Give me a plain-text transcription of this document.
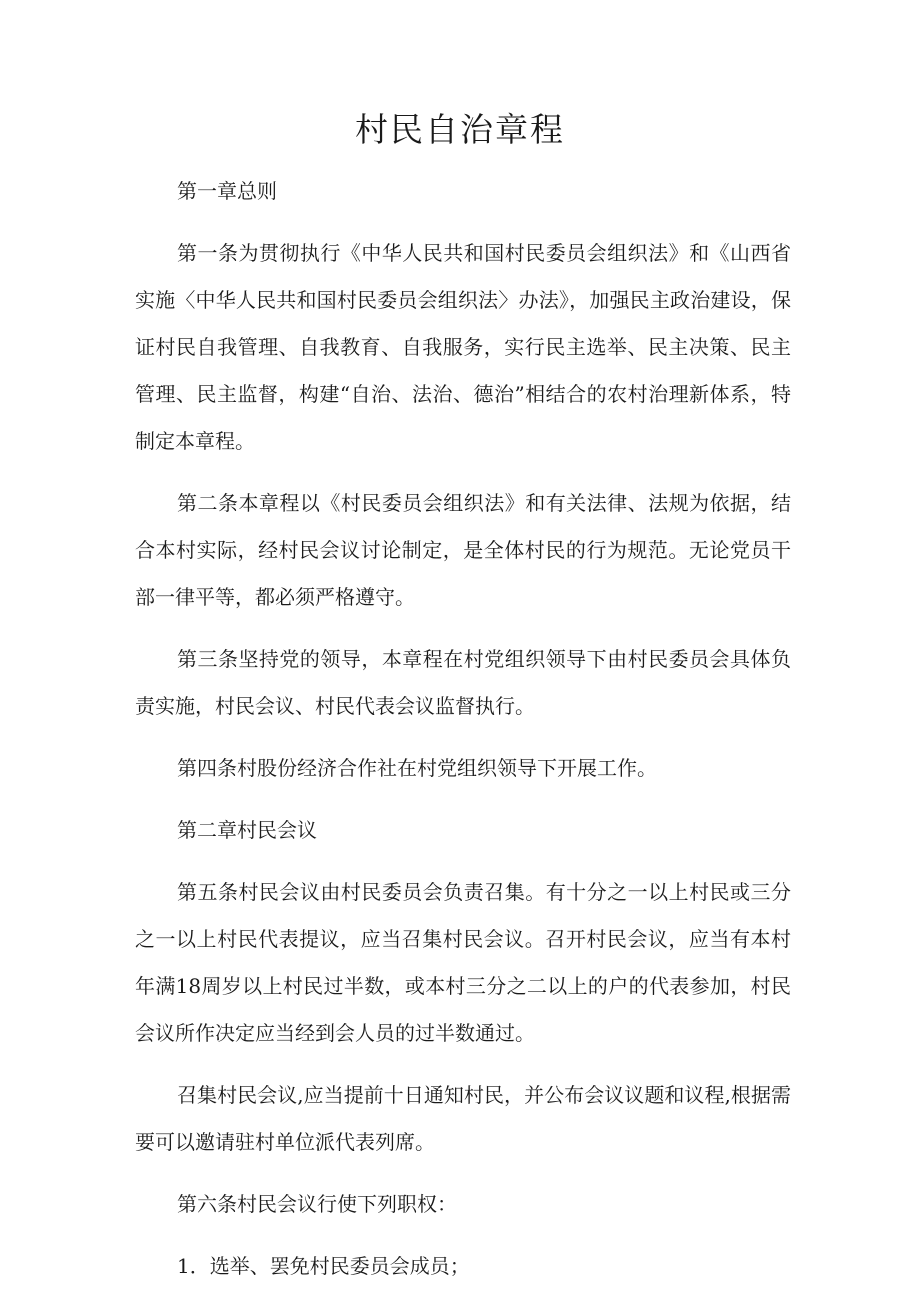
村民自治章程

第一章总则

第一条为贯彻执行《中华人民共和国村民委员会组织法》和《山西省实施〈中华人民共和国村民委员会组织法〉办法》，加强民主政治建设，保证村民自我管理、自我教育、自我服务，实行民主选举、民主决策、民主管理、民主监督，构建“自治、法治、德治”相结合的农村治理新体系，特制定本章程。

第二条本章程以《村民委员会组织法》和有关法律、法规为依据，结合本村实际，经村民会议讨论制定，是全体村民的行为规范。无论党员干部一律平等，都必须严格遵守。

第三条坚持党的领导，本章程在村党组织领导下由村民委员会具体负责实施，村民会议、村民代表会议监督执行。

第四条村股份经济合作社在村党组织领导下开展工作。

第二章村民会议

第五条村民会议由村民委员会负责召集。有十分之一以上村民或三分之一以上村民代表提议，应当召集村民会议。召开村民会议，应当有本村年满18周岁以上村民过半数，或本村三分之二以上的户的代表参加，村民会议所作决定应当经到会人员的过半数通过。

召集村民会议,应当提前十日通知村民，并公布会议议题和议程,根据需要可以邀请驻村单位派代表列席。

第六条村民会议行使下列职权：

1．选举、罢免村民委员会成员；
